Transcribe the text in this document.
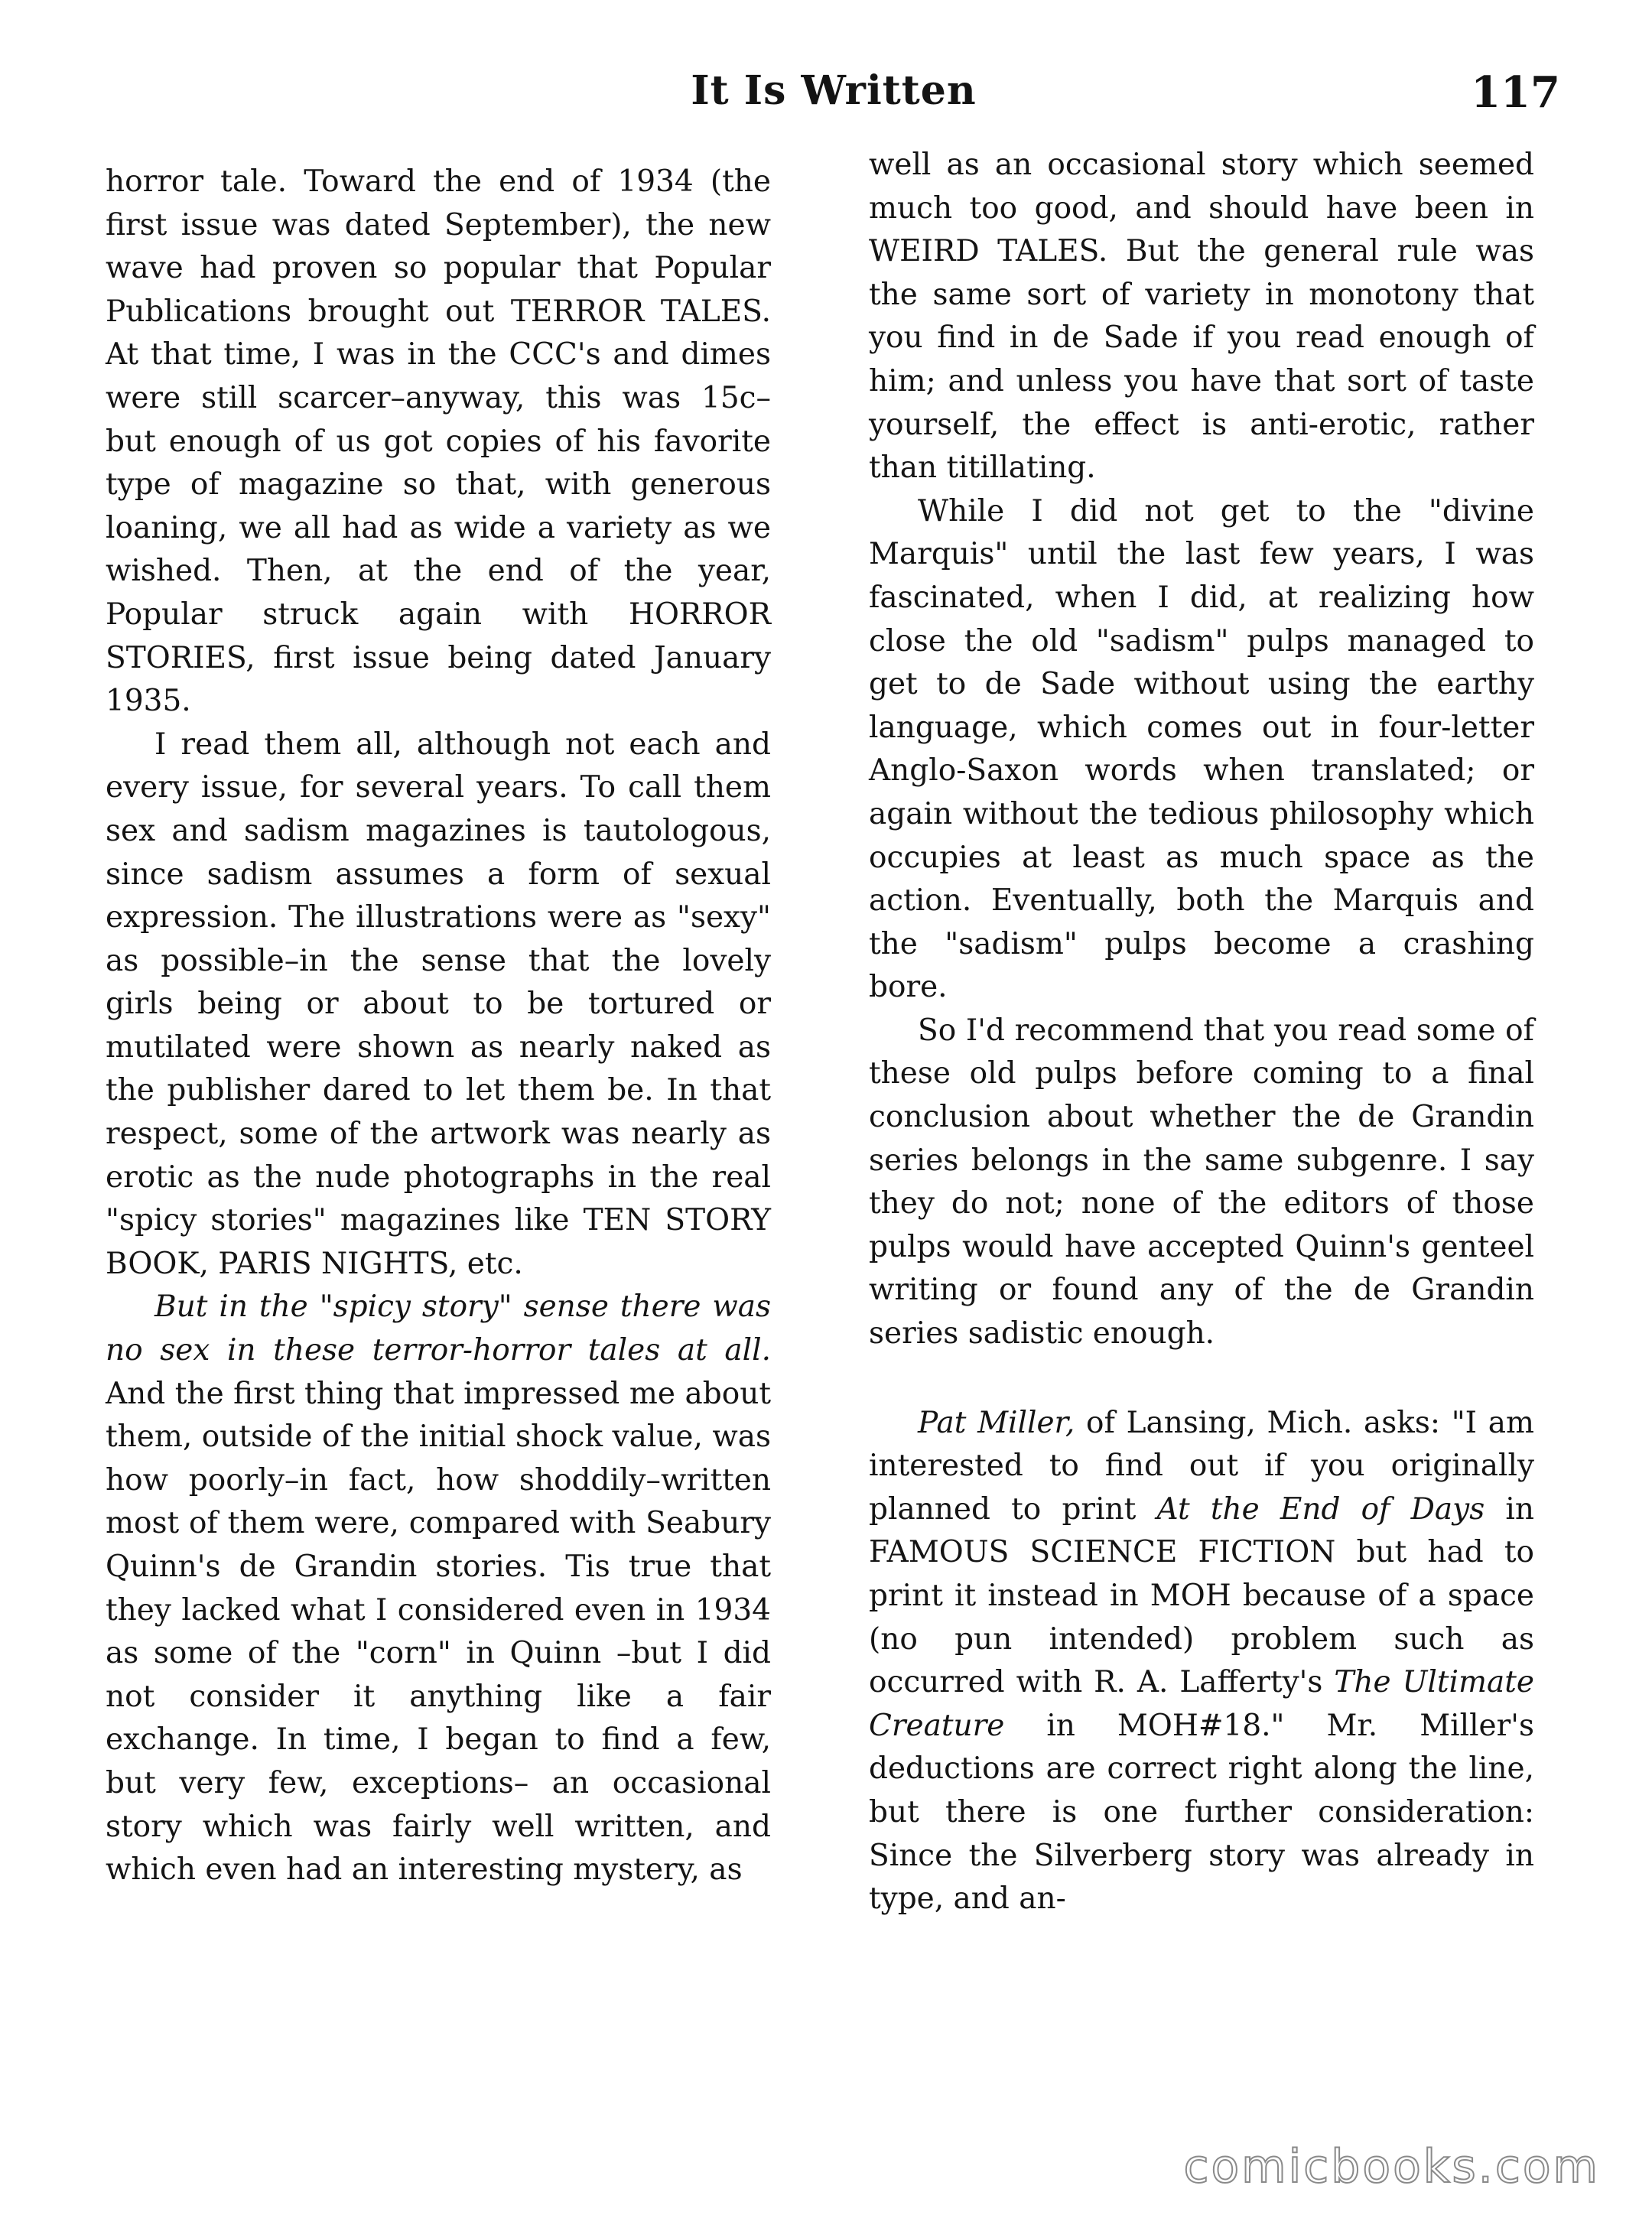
It Is Written	117

horror tale. Toward the end of 1934 (the first issue was dated September), the new wave had proven so popular that Popular Publications brought out TERROR TALES. At that time, I was in the CCC's and dimes were still scarcer–anyway, this was 15c– but enough of us got copies of his favorite type of magazine so that, with generous loaning, we all had as wide a variety as we wished. Then, at the end of the year, Popular struck again with HORROR STORIES, first issue being dated January 1935.

I read them all, although not each and every issue, for several years. To call them sex and sadism magazines is tautologous, since sadism assumes a form of sexual expression. The illustrations were as "sexy" as possible–in the sense that the lovely girls being or about to be tortured or mutilated were shown as nearly naked as the publisher dared to let them be. In that respect, some of the artwork was nearly as erotic as the nude photographs in the real "spicy stories" magazines like TEN STORY BOOK, PARIS NIGHTS, etc.

But in the "spicy story" sense there was no sex in these terror-horror tales at all. And the first thing that impressed me about them, outside of the initial shock value, was how poorly–in fact, how shoddily–written most of them were, compared with Seabury Quinn's de Grandin stories. Tis true that they lacked what I considered even in 1934 as some of the "corn" in Quinn –but I did not consider it anything like a fair exchange. In time, I began to find a few, but very few, exceptions– an occasional story which was fairly well written, and which even had an interesting mystery, as

well as an occasional story which seemed much too good, and should have been in WEIRD TALES. But the general rule was the same sort of variety in monotony that you find in de Sade if you read enough of him; and unless you have that sort of taste yourself, the effect is anti-erotic, rather than titillating.

While I did not get to the "divine Marquis" until the last few years, I was fascinated, when I did, at realizing how close the old "sadism" pulps managed to get to de Sade without using the earthy language, which comes out in four-letter Anglo-Saxon words when translated; or again without the tedious philosophy which occupies at least as much space as the action. Eventually, both the Marquis and the "sadism" pulps become a crashing bore.

So I'd recommend that you read some of these old pulps before coming to a final conclusion about whether the de Grandin series belongs in the same subgenre. I say they do not; none of the editors of those pulps would have accepted Quinn's genteel writing or found any of the de Grandin series sadistic enough.

Pat Miller, of Lansing, Mich. asks: "I am interested to find out if you originally planned to print At the End of Days in FAMOUS SCIENCE FICTION but had to print it instead in MOH because of a space (no pun intended) problem such as occurred with R. A. Lafferty's The Ultimate Creature in MOH#18." Mr. Miller's deductions are correct right along the line, but there is one further consideration: Since the Silverberg story was already in type, and an-

comicbooks.com
